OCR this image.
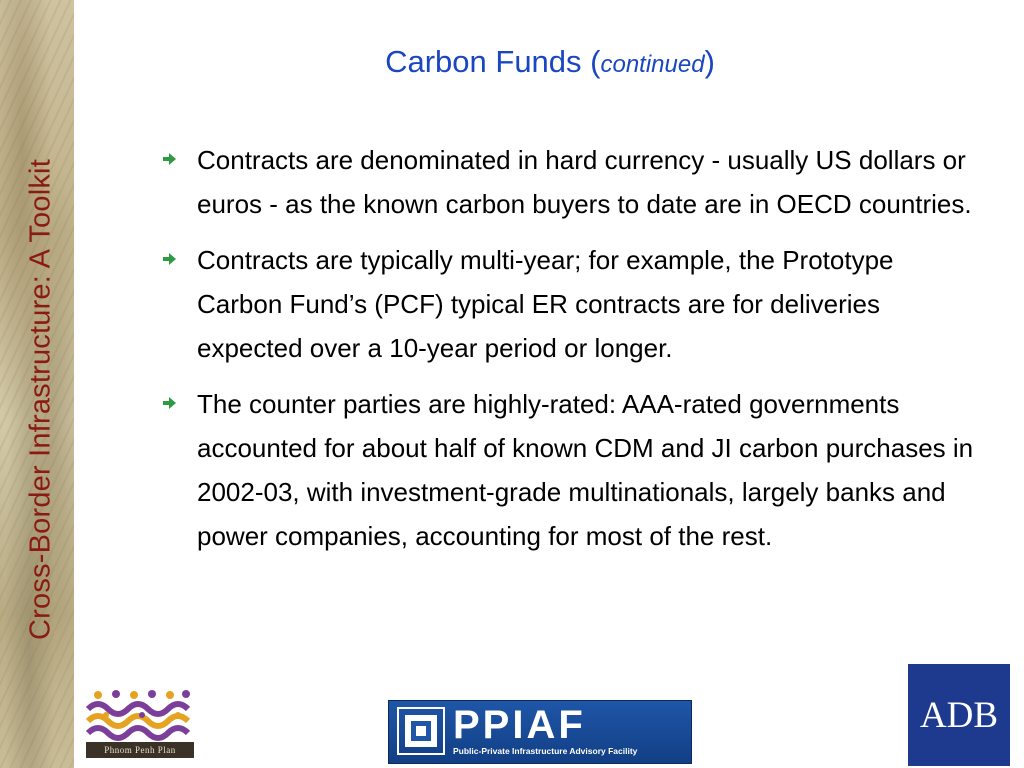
Cross-Border Infrastructure: A Toolkit
Carbon Funds (continued)
Contracts are denominated in hard currency - usually US dollars or euros - as the known carbon buyers to date are in OECD countries.
Contracts are typically multi-year; for example, the Prototype Carbon Fund’s (PCF) typical ER contracts are for deliveries expected over a 10-year period or longer.
The counter parties are highly-rated: AAA-rated governments accounted for about half of known CDM and JI carbon purchases in 2002-03, with investment-grade multinationals, largely banks and power companies, accounting for most of the rest.
Phnom Penh Plan
PPIAF
Public-Private Infrastructure Advisory Facility
ADB
